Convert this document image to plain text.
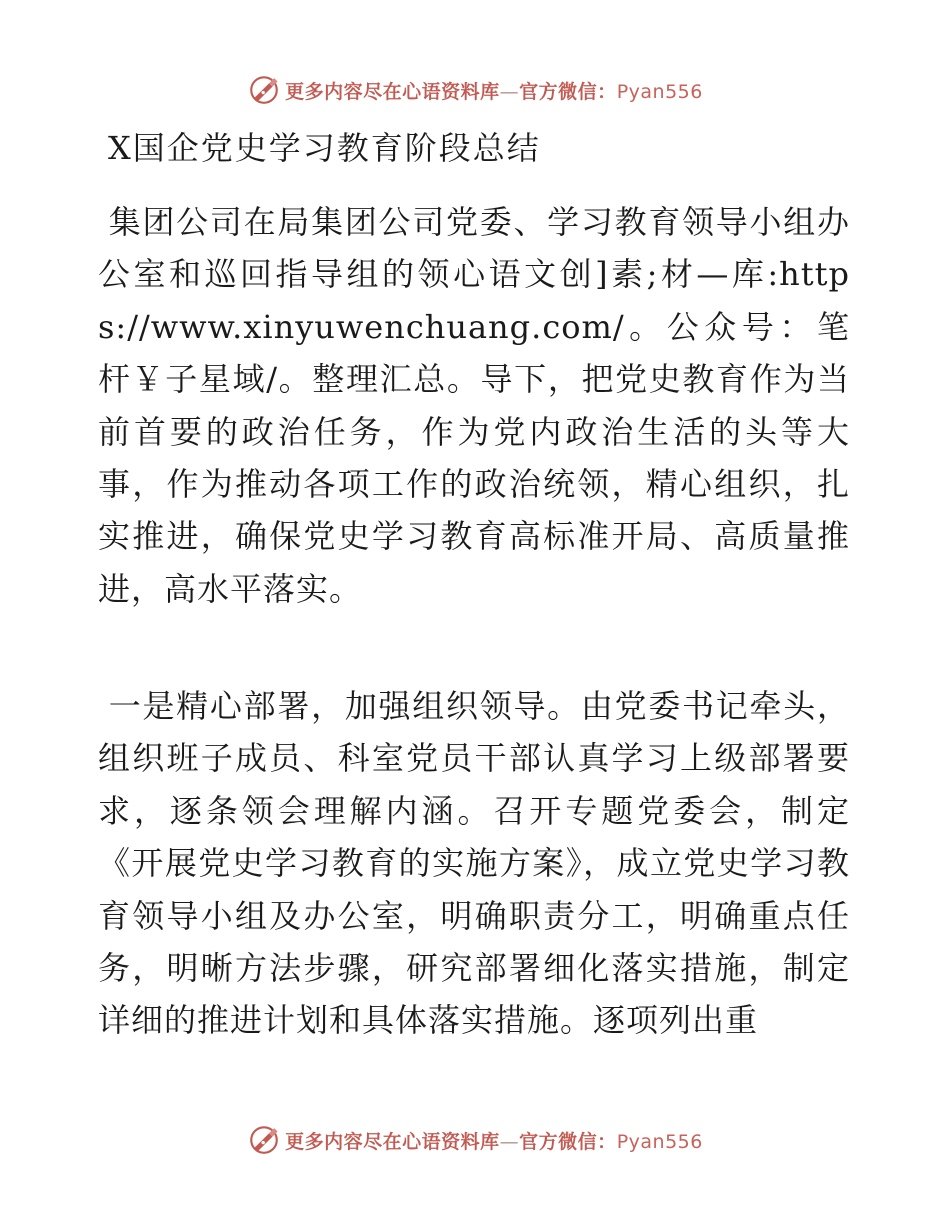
更多内容尽在心语资料库—官方微信：Pyan556
X国企党史学习教育阶段总结

集团公司在局集团公司党委、学习教育领导小组办公室和巡回指导组的领心语文创]素;材—库:https://www.xinyuwenchuang.com/。公众号：笔杆￥子星域/。整理汇总。导下，把党史教育作为当前首要的政治任务，作为党内政治生活的头等大事，作为推动各项工作的政治统领，精心组织，扎实推进，确保党史学习教育高标准开局、高质量推进，高水平落实。

一是精心部署，加强组织领导。由党委书记牵头，组织班子成员、科室党员干部认真学习上级部署要求，逐条领会理解内涵。召开专题党委会，制定《开展党史学习教育的实施方案》，成立党史学习教育领导小组及办公室，明确职责分工，明确重点任务，明晰方法步骤，研究部署细化落实措施，制定详细的推进计划和具体落实措施。逐项列出重

更多内容尽在心语资料库—官方微信：Pyan556
